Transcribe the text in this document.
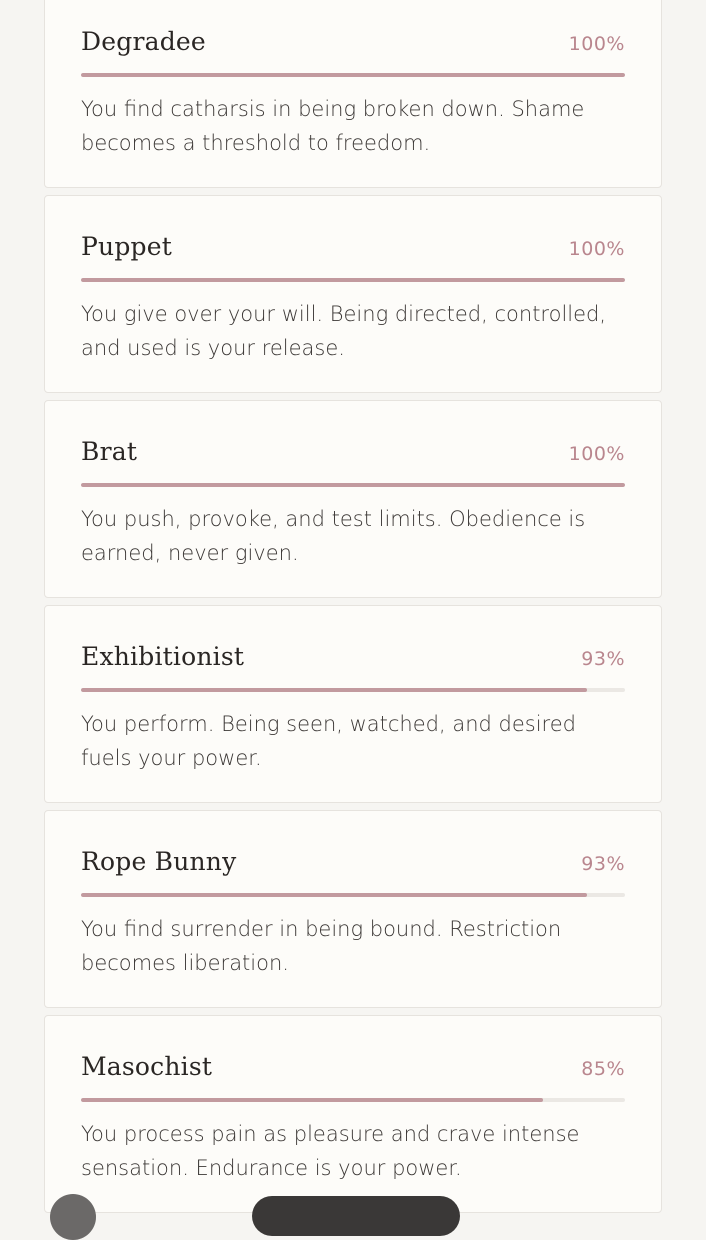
Degradee	100%

You find catharsis in being broken down. Shame becomes a threshold to freedom.

Puppet	100%

You give over your will. Being directed, controlled, and used is your release.

Brat	100%

You push, provoke, and test limits. Obedience is earned, never given.

Exhibitionist	93%

You perform. Being seen, watched, and desired fuels your power.

Rope Bunny	93%

You find surrender in being bound. Restriction becomes liberation.

Masochist	85%

You process pain as pleasure and crave intense sensation. Endurance is your power.
